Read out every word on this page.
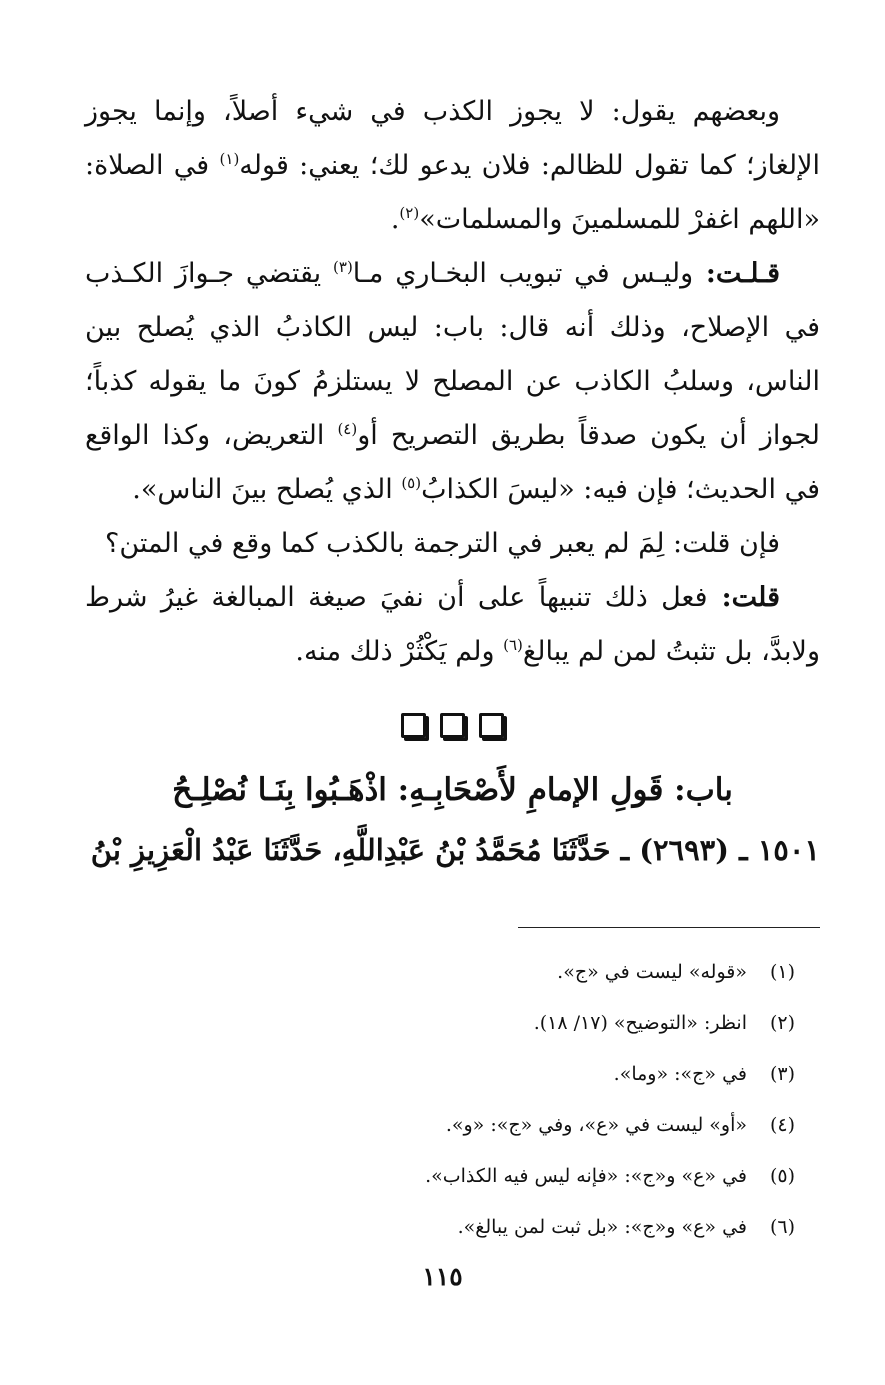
وبعضهم يقول: لا يجوز الكذب في شيء أصلاً، وإنما يجوز الإلغاز؛ كما تقول للظالم: فلان يدعو لك؛ يعني: قوله$^{(١)}$ في الصلاة: «اللهم اغفرْ للمسلمينَ والمسلمات»$^{(٢)}$.

قـلـت: وليـس في تبويب البخـاري مـا$^{(٣)}$ يقتضي جـوازَ الكـذب في الإصلاح، وذلك أنه قال: باب: ليس الكاذبُ الذي يُصلح بين الناس، وسلبُ الكاذب عن المصلح لا يستلزمُ كونَ ما يقوله كذباً؛ لجواز أن يكون صدقاً بطريق التصريح أو$^{(٤)}$ التعريض، وكذا الواقع في الحديث؛ فإن فيه: «ليسَ الكذابُ$^{(٥)}$ الذي يُصلح بينَ الناس».

فإن قلت: لِمَ لم يعبر في الترجمة بالكذب كما وقع في المتن؟

قلت: فعل ذلك تنبيهاً على أن نفيَ صيغة المبالغة غيرُ شرط ولابدَّ، بل تثبتُ لمن لم يبالغ$^{(٦)}$ ولم يَكْثُرْ ذلك منه.

باب: قَولِ الإمامِ لأَصْحَابِـهِ: اذْهَـبُوا بِنَـا نُصْلِـحُ

١٥٠١ ـ (٢٦٩٣) ـ حَدَّثَنَا مُحَمَّدُ بْنُ عَبْدِاللَّهِ، حَدَّثَنَا عَبْدُ الْعَزِيزِ بْنُ

(١)
«قوله» ليست في «ج».
(٢)
انظر: «التوضيح» (١٧/ ١٨).
(٣)
في «ج»: «وما».
(٤)
«أو» ليست في «ع»، وفي «ج»: «و».
(٥)
في «ع» و«ج»: «فإنه ليس فيه الكذاب».
(٦)
في «ع» و«ج»: «بل ثبت لمن يبالغ».
١١٥
